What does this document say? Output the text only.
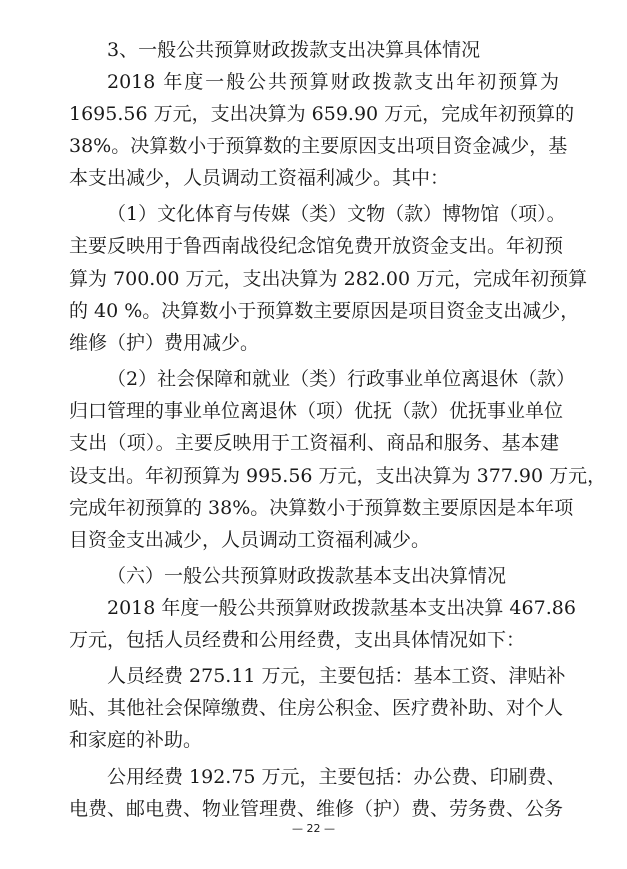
3、一般公共预算财政拨款支出决算具体情况
2018 年度一般公共预算财政拨款支出年初预算为
1695.56 万元，支出决算为 659.90 万元，完成年初预算的
38%。决算数小于预算数的主要原因支出项目资金减少，基
本支出减少，人员调动工资福利减少。其中：
（1）文化体育与传媒（类）文物（款）博物馆（项）。
主要反映用于鲁西南战役纪念馆免费开放资金支出。年初预
算为 700.00 万元，支出决算为 282.00 万元，完成年初预算
的 40 %。决算数小于预算数主要原因是项目资金支出减少，
维修（护）费用减少。
（2）社会保障和就业（类）行政事业单位离退休（款）
归口管理的事业单位离退休（项）优抚（款）优抚事业单位
支出（项）。主要反映用于工资福利、商品和服务、基本建
设支出。年初预算为 995.56 万元，支出决算为 377.90 万元，
完成年初预算的 38%。决算数小于预算数主要原因是本年项
目资金支出减少，人员调动工资福利减少。
（六）一般公共预算财政拨款基本支出决算情况
2018 年度一般公共预算财政拨款基本支出决算 467.86
万元，包括人员经费和公用经费，支出具体情况如下：
人员经费 275.11 万元，主要包括：基本工资、津贴补
贴、其他社会保障缴费、住房公积金、医疗费补助、对个人
和家庭的补助。
公用经费 192.75 万元，主要包括：办公费、印刷费、
电费、邮电费、物业管理费、维修（护）费、劳务费、公务
— 22 —
